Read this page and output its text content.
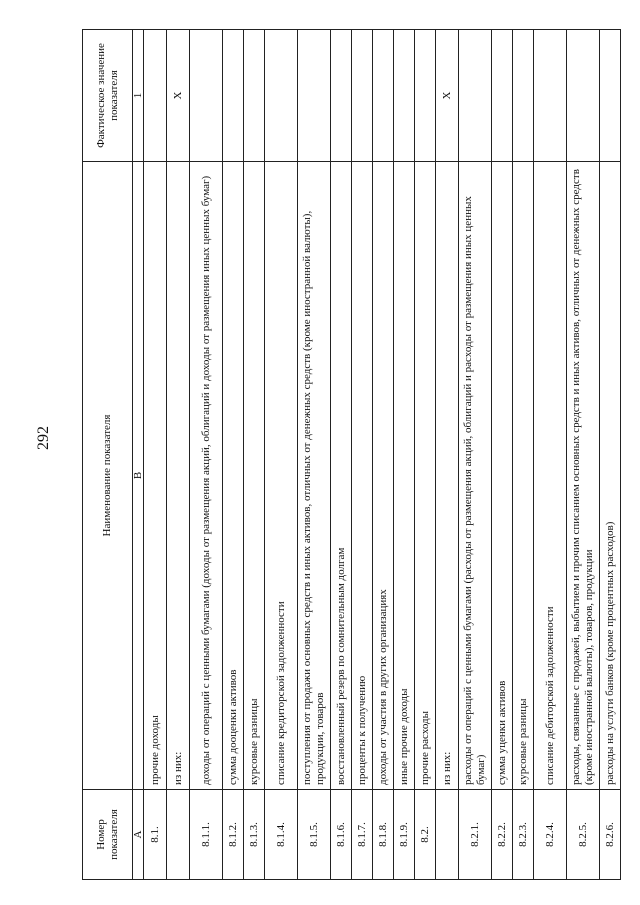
292
Номер показателя	Наименование показателя	Фактическое значение показателя
А	В	1
8.1.	прочие доходы	
	из них:	X
8.1.1.	доходы от операций с ценными бумагами (доходы от размещения акций, облигаций и доходы от размещения иных ценных бумаг)	
8.1.2.	сумма дооценки активов	
8.1.3.	курсовые разницы	
8.1.4.	списание кредиторской задолженности	
8.1.5.	поступления от продажи основных средств и иных активов, отличных от денежных средств (кроме иностранной валюты), продукции, товаров	
8.1.6.	восстановленный резерв по сомнительным долгам	
8.1.7.	проценты к получению	
8.1.8.	доходы от участия в других организациях	
8.1.9.	иные прочие доходы	
8.2.	прочие расходы	
	из них:	X
8.2.1.	расходы от операций с ценными бумагами (расходы от размещения акций, облигаций и расходы от размещения иных ценных бумаг)	
8.2.2.	сумма уценки активов	
8.2.3.	курсовые разницы	
8.2.4.	списание дебиторской задолженности	
8.2.5.	расходы, связанные с продажей, выбытием и прочим списанием основных средств и иных активов, отличных от денежных средств (кроме иностранной валюты), товаров, продукции	
8.2.6.	расходы на услуги банков (кроме процентных расходов)	
